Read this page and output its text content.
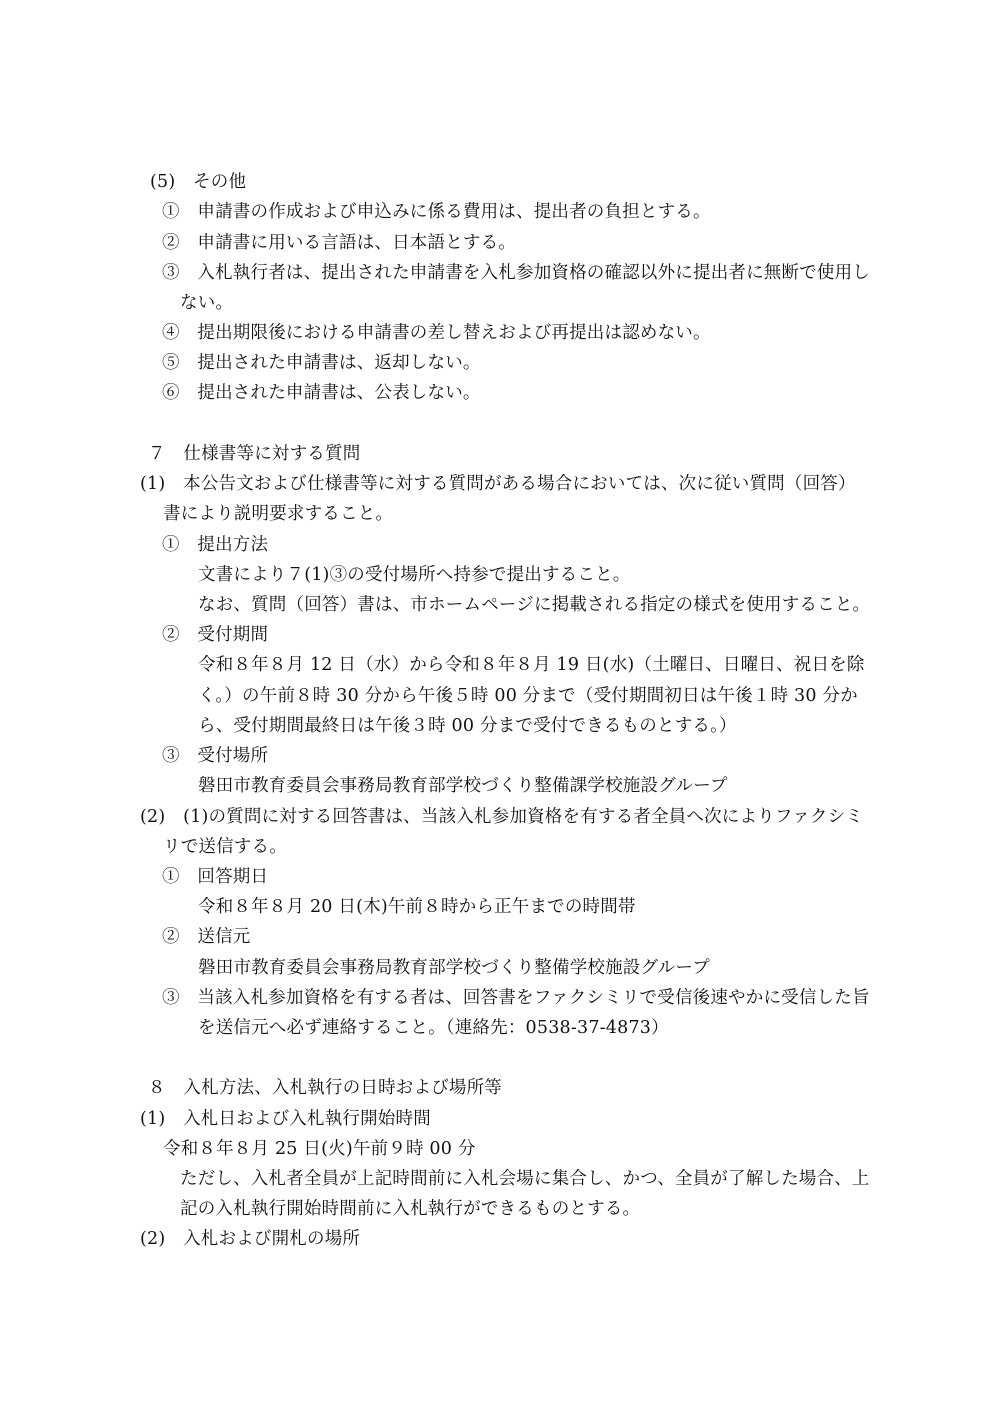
(5)　その他
①　申請書の作成および申込みに係る費用は、提出者の負担とする。
②　申請書に用いる言語は、日本語とする。
③　入札執行者は、提出された申請書を入札参加資格の確認以外に提出者に無断で使用し
ない。
④　提出期限後における申請書の差し替えおよび再提出は認めない。
⑤　提出された申請書は、返却しない。
⑥　提出された申請書は、公表しない。
７　仕様書等に対する質問
(1)　本公告文および仕様書等に対する質問がある場合においては、次に従い質問（回答）
書により説明要求すること。
①　提出方法
文書により７(1)③の受付場所へ持参で提出すること。
なお、質問（回答）書は、市ホームページに掲載される指定の様式を使用すること。
②　受付期間
令和８年８月 12 日（水）から令和８年８月 19 日(水)（土曜日、日曜日、祝日を除
く。）の午前８時 30 分から午後５時 00 分まで（受付期間初日は午後１時 30 分か
ら、受付期間最終日は午後３時 00 分まで受付できるものとする。）
③　受付場所
磐田市教育委員会事務局教育部学校づくり整備課学校施設グループ
(2)　(1)の質問に対する回答書は、当該入札参加資格を有する者全員へ次によりファクシミ
リで送信する。
①　回答期日
令和８年８月 20 日(木)午前８時から正午までの時間帯
②　送信元
磐田市教育委員会事務局教育部学校づくり整備学校施設グループ
③　当該入札参加資格を有する者は、回答書をファクシミリで受信後速やかに受信した旨
を送信元へ必ず連絡すること。（連絡先：0538‐37‐4873）
８　入札方法、入札執行の日時および場所等
(1)　入札日および入札執行開始時間
令和８年８月 25 日(火)午前９時 00 分
ただし、入札者全員が上記時間前に入札会場に集合し、かつ、全員が了解した場合、上
記の入札執行開始時間前に入札執行ができるものとする。
(2)　入札および開札の場所
